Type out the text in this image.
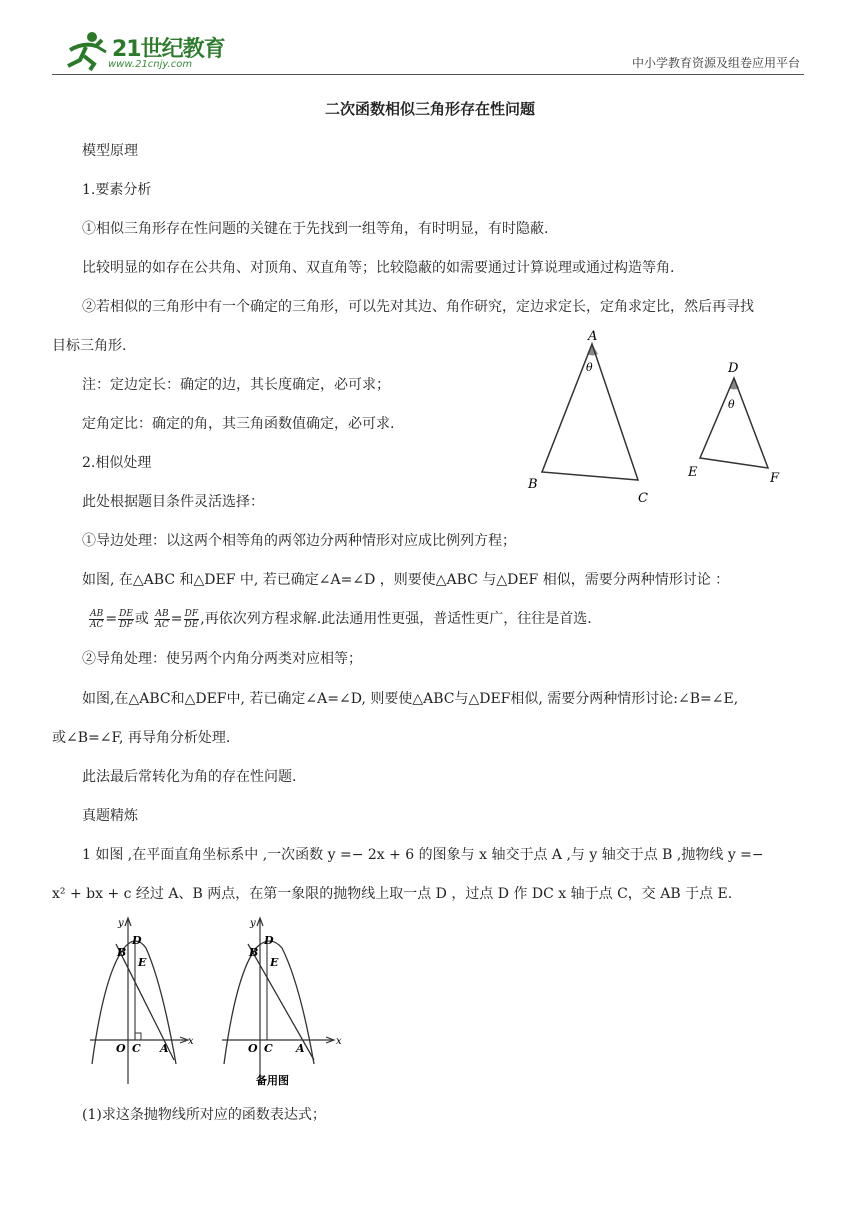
21世纪教育
www.21cnjy.com	中小学教育资源及组卷应用平台
二次函数相似三角形存在性问题
模型原理
1.要素分析
①相似三角形存在性问题的关键在于先找到一组等角，有时明显，有时隐蔽.
比较明显的如存在公共角、对顶角、双直角等；比较隐蔽的如需要通过计算说理或通过构造等角.
②若相似的三角形中有一个确定的三角形，可以先对其边、角作研究，定边求定长，定角求定比，然后再寻找
目标三角形.
注：定边定长：确定的边，其长度确定，必可求；
定角定比：确定的角，其三角函数值确定，必可求.
2.相似处理
此处根据题目条件灵活选择：
①导边处理：以这两个相等角的两邻边分两种情形对应成比例列方程；
如图, 在△ABC 和△DEF 中, 若已确定∠A=∠D ，则要使△ABC 与△DEF 相似，需要分两种情形讨论 ：
$\frac{AB}{AC} = \frac{DE}{DF}$ 或 $\frac{AB}{AC} = \frac{DF}{DE}$ ,再依次列方程求解.此法通用性更强，普适性更广，往往是首选.
②导角处理：使另两个内角分两类对应相等；
如图,在△ABC和△DEF中, 若已确定∠A=∠D, 则要使△ABC与△DEF相似, 需要分两种情形讨论:∠B=∠E,
或∠B=∠F, 再导角分析处理.
此法最后常转化为角的存在性问题.
真题精炼
1 如图 ,在平面直角坐标系中 ,一次函数 y =− 2x + 6 的图象与 x 轴交于点 A ,与 y 轴交于点 B ,抛物线 y =−
x² + bx + c 经过 A、B 两点，在第一象限的抛物线上取一点 D ，过点 D 作 DC x 轴于点 C，交 AB 于点 E.
(1)求这条抛物线所对应的函数表达式；
A
θ
B
C
D
θ
E	F
y
x
B
D
E
O C A
y
x
B
D
E
O C A
备用图
